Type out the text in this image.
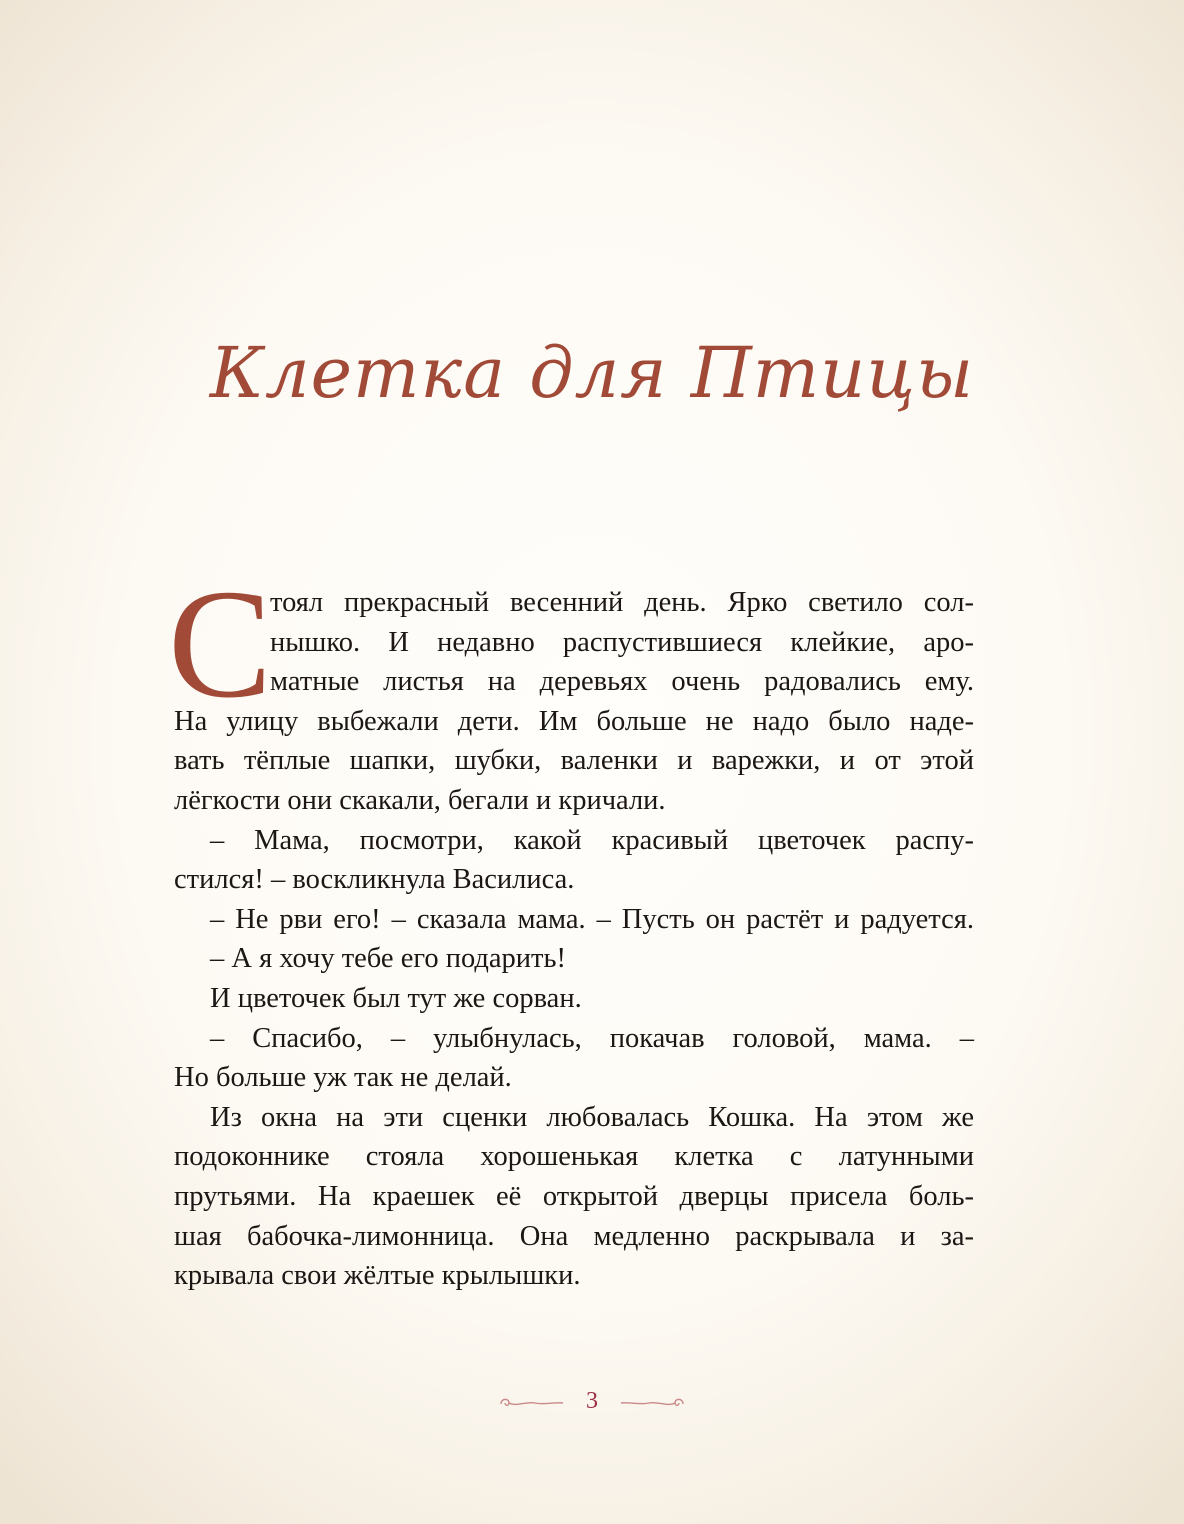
Клетка для Птицы
С
тоял прекрасный весенний день. Ярко светило сол-
нышко. И недавно распустившиеся клейкие, аро-
матные листья на деревьях очень радовались ему.
На улицу выбежали дети. Им больше не надо было наде-
вать тёплые шапки, шубки, валенки и варежки, и от этой
лёгкости они скакали, бегали и кричали.
– Мама, посмотри, какой красивый цветочек распу-
стился! – воскликнула Василиса.
– Не рви его! – сказала мама. – Пусть он растёт и радуется.
– А я хочу тебе его подарить!
И цветочек был тут же сорван.
– Спасибо, – улыбнулась, покачав головой, мама. –
Но больше уж так не делай.
Из окна на эти сценки любовалась Кошка. На этом же
подоконнике стояла хорошенькая клетка с латунными
прутьями. На краешек её открытой дверцы присела боль-
шая бабочка-лимонница. Она медленно раскрывала и за-
крывала свои жёлтые крылышки.
3
